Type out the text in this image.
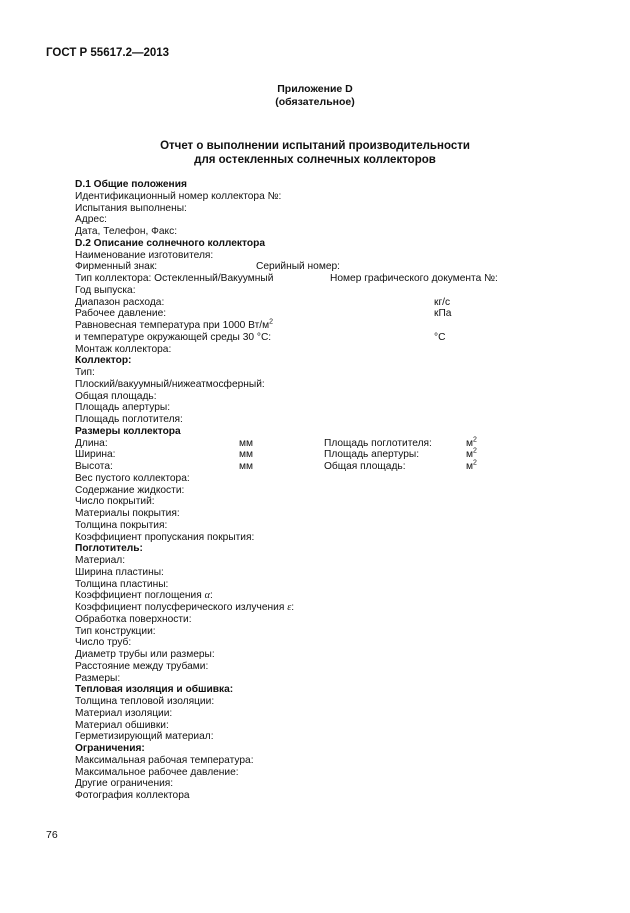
ГОСТ Р 55617.2—2013
Приложение D
(обязательное)
Отчет о выполнении испытаний производительности
для остекленных солнечных коллекторов
D.1 Общие положения
Идентификационный номер коллектора №:
Испытания выполнены:
Адрес:
Дата, Телефон, Факс:
D.2 Описание солнечного коллектора
Наименование изготовителя:
Фирменный знак:	Серийный номер:
Тип коллектора: Остекленный/Вакуумный	Номер графического документа №:
Год выпуска:
Диапазон расхода:	кг/с
Рабочее давление:	кПа
Равновесная температура при 1000 $Вт/м^2$
и температуре окружающей среды 30 °С:	°С
Монтаж коллектора:
Коллектор:
Тип:
Плоский/вакуумный/нижеатмосферный:
Общая площадь:
Площадь апертуры:
Площадь поглотителя:
Размеры коллектора
Длина:	мм	Площадь поглотителя:	$м^2$
Ширина:	мм	Площадь апертуры:	$м^2$
Высота:	мм	Общая площадь:	$м^2$
Вес пустого коллектора:
Содержание жидкости:
Число покрытий:
Материалы покрытия:
Толщина покрытия:
Коэффициент пропускания покрытия:
Поглотитель:
Материал:
Ширина пластины:
Толщина пластины:
Коэффициент поглощения α:
Коэффициент полусферического излучения ε:
Обработка поверхности:
Тип конструкции:
Число труб:
Диаметр трубы или размеры:
Расстояние между трубами:
Размеры:
Тепловая изоляция и обшивка:
Толщина тепловой изоляции:
Материал изоляции:
Материал обшивки:
Герметизирующий материал:
Ограничения:
Максимальная рабочая температура:
Максимальное рабочее давление:
Другие ограничения:
Фотография коллектора
76
